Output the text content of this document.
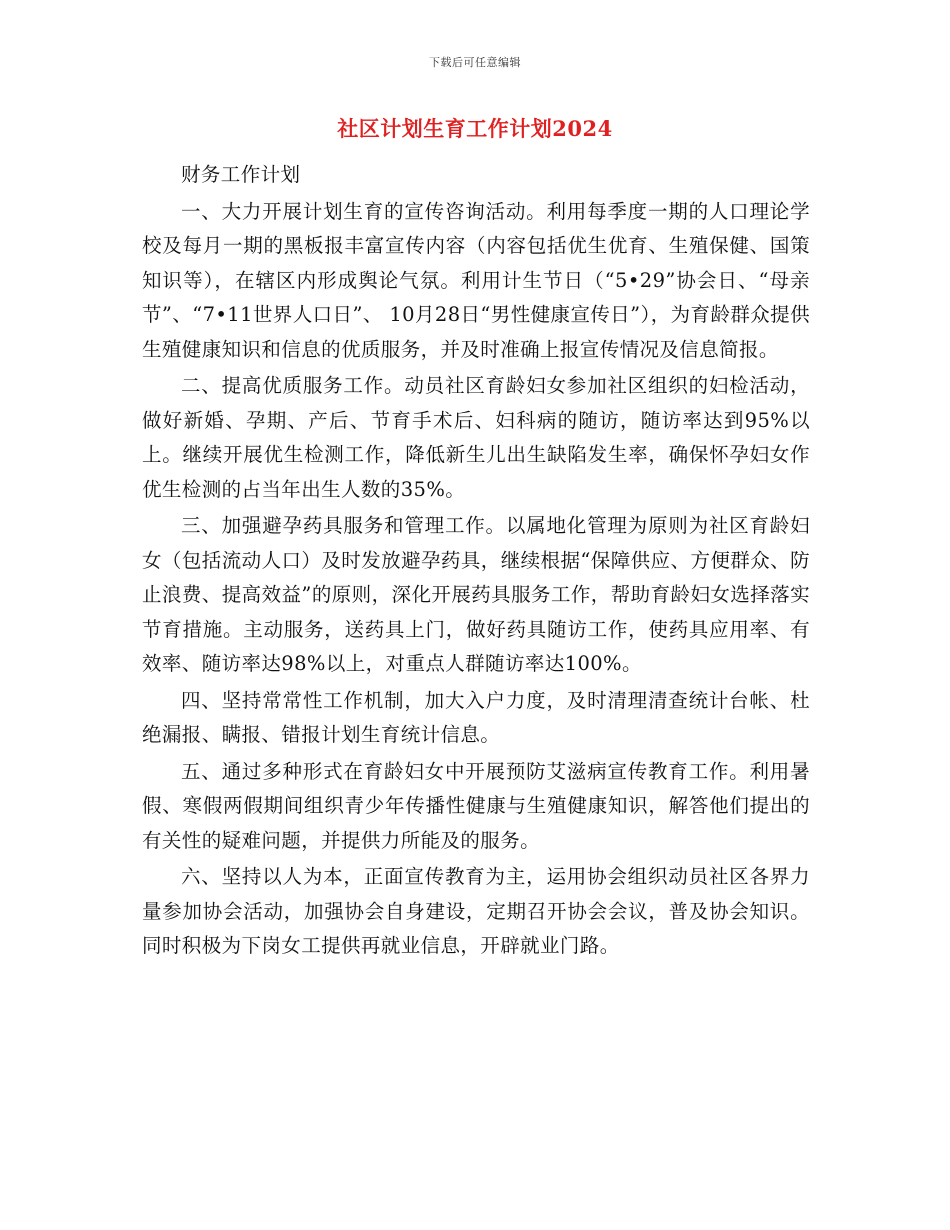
下载后可任意编辑
社区计划生育工作计划2024

财务工作计划

一、大力开展计划生育的宣传咨询活动。利用每季度一期的人口理论学校及每月一期的黑板报丰富宣传内容（内容包括优生优育、生殖保健、国策知识等），在辖区内形成舆论气氛。利用计生节日（“5•29”协会日、“母亲节”、“7•11世界人口日”、 10月28日“男性健康宣传日”），为育龄群众提供生殖健康知识和信息的优质服务，并及时准确上报宣传情况及信息简报。

二、提高优质服务工作。动员社区育龄妇女参加社区组织的妇检活动，做好新婚、孕期、产后、节育手术后、妇科病的随访，随访率达到95%以上。继续开展优生检测工作，降低新生儿出生缺陷发生率，确保怀孕妇女作优生检测的占当年出生人数的35%。

三、加强避孕药具服务和管理工作。以属地化管理为原则为社区育龄妇女（包括流动人口）及时发放避孕药具，继续根据“保障供应、方便群众、防止浪费、提高效益”的原则，深化开展药具服务工作，帮助育龄妇女选择落实节育措施。主动服务，送药具上门，做好药具随访工作，使药具应用率、有效率、随访率达98%以上，对重点人群随访率达100%。

四、坚持常常性工作机制，加大入户力度，及时清理清查统计台帐、杜绝漏报、瞒报、错报计划生育统计信息。

五、通过多种形式在育龄妇女中开展预防艾滋病宣传教育工作。利用暑假、寒假两假期间组织青少年传播性健康与生殖健康知识，解答他们提出的有关性的疑难问题，并提供力所能及的服务。

六、坚持以人为本，正面宣传教育为主，运用协会组织动员社区各界力量参加协会活动，加强协会自身建设，定期召开协会会议，普及协会知识。同时积极为下岗女工提供再就业信息，开辟就业门路。
